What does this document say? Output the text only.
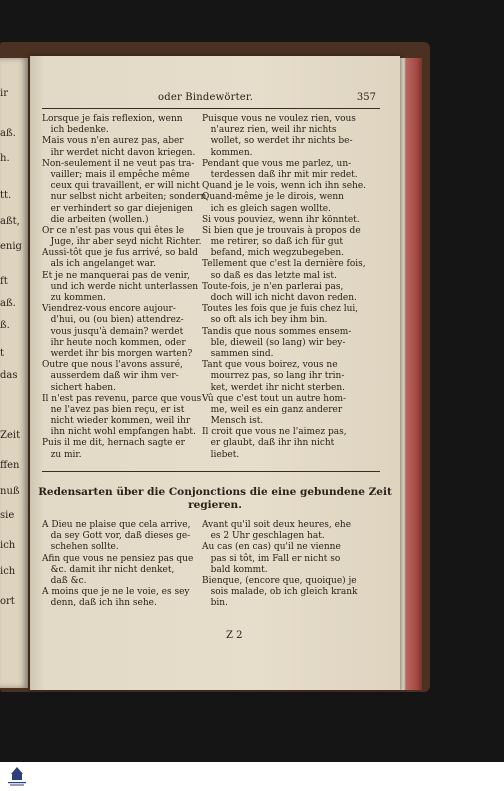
ir
aß.
h.
tt.
aßt,
enig
ft
aß.
ß.
t
das
Zeit
ffen
nuß
sie
ich
ich
ort
oder Bindewörter.	357
Lorsque je fais reflexion, wenn
ich bedenke.
Mais vous n'en aurez pas, aber
ihr werdet nicht davon kriegen.
Non-seulement il ne veut pas tra-
vailler; mais il empêche même
ceux qui travaillent, er will nicht
nur selbst nicht arbeiten; sondern
er verhindert so gar diejenigen
die arbeiten (wollen.)
Or ce n'est pas vous qui êtes le
Juge, ihr aber seyd nicht Richter.
Aussi-tôt que je fus arrivé, so bald
als ich angelanget war.
Et je ne manquerai pas de venir,
und ich werde nicht unterlassen
zu kommen.
Viendrez-vous encore aujour-
d'hui, ou (ou bien) attendrez-
vous jusqu'à demain? werdet
ihr heute noch kommen, oder
werdet ihr bis morgen warten?
Outre que nous l'avons assuré,
ausserdem daß wir ihm ver-
sichert haben.
Il n'est pas revenu, parce que vous
ne l'avez pas bien reçu, er ist
nicht wieder kommen, weil ihr
ihn nicht wohl empfangen habt.
Puis il me dit, hernach sagte er
zu mir.
Puisque vous ne voulez rien, vous
n'aurez rien, weil ihr nichts
wollet, so werdet ihr nichts be-
kommen.
Pendant que vous me parlez, un-
terdessen daß ihr mit mir redet.
Quand je le vois, wenn ich ihn sehe.
Quand-même je le dirois, wenn
ich es gleich sagen wollte.
Si vous pouviez, wenn ihr könntet.
Si bien que je trouvais à propos de
me retirer, so daß ich für gut
befand, mich wegzubegeben.
Tellement que c'est la dernière fois,
so daß es das letzte mal ist.
Toute-fois, je n'en parlerai pas,
doch will ich nicht davon reden.
Toutes les fois que je fuis chez lui,
so oft als ich bey ihm bin.
Tandis que nous sommes ensem-
ble, dieweil (so lang) wir bey-
sammen sind.
Tant que vous boirez, vous ne
mourrez pas, so lang ihr trin-
ket, werdet ihr nicht sterben.
Vû que c'est tout un autre hom-
me, weil es ein ganz anderer
Mensch ist.
Il croit que vous ne l'aimez pas,
er glaubt, daß ihr ihn nicht
liebet.
Redensarten über die Conjonctions die eine gebundene Zeit
regieren.
A Dieu ne plaise que cela arrive,
da sey Gott vor, daß dieses ge-
schehen sollte.
Afin que vous ne pensiez pas que
&c. damit ihr nicht denket,
daß &c.
A moins que je ne le voie, es sey
denn, daß ich ihn sehe.
Avant qu'il soit deux heures, ehe
es 2 Uhr geschlagen hat.
Au cas (en cas) qu'il ne vienne
pas si tôt, im Fall er nicht so
bald kommt.
Bienque, (encore que, quoique) je
sois malade, ob ich gleich krank
bin.
Z 2
